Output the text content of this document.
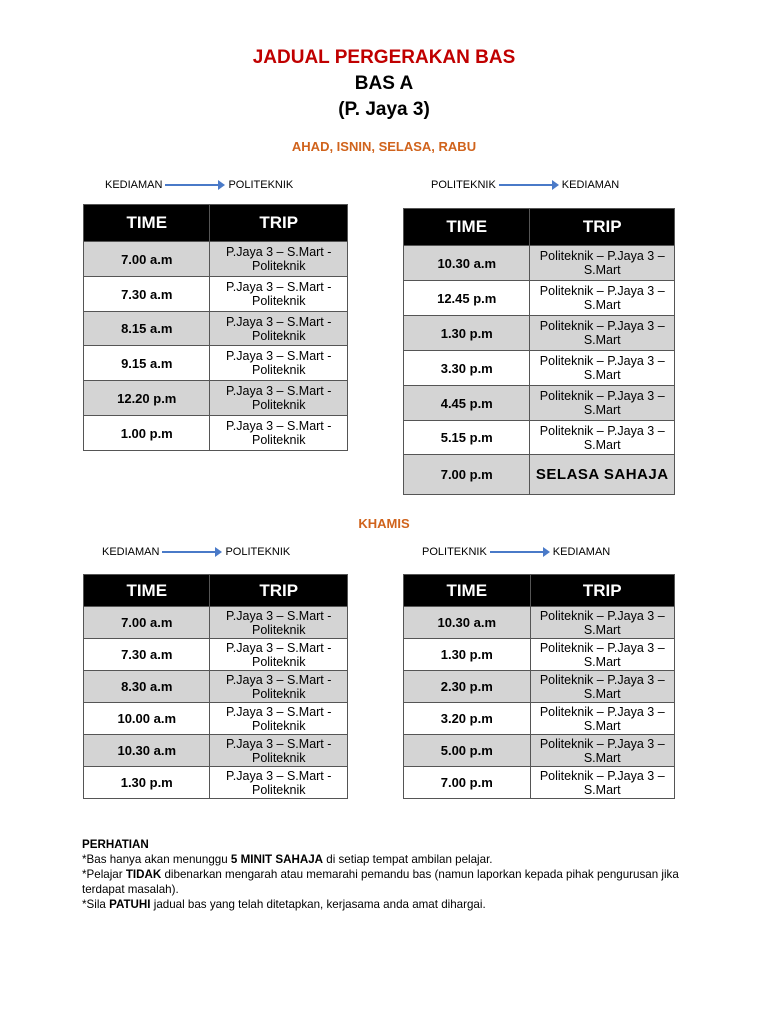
JADUAL PERGERAKAN BAS
BAS A
(P. Jaya 3)
AHAD, ISNIN, SELASA, RABU
KEDIAMAN	POLITEKNIK	POLITEKNIK	KEDIAMAN
TIME	TRIP
7.00 a.m	P.Jaya 3 – S.Mart - Politeknik
7.30 a.m	P.Jaya 3 – S.Mart - Politeknik
8.15 a.m	P.Jaya 3 – S.Mart - Politeknik
9.15 a.m	P.Jaya 3 – S.Mart - Politeknik
12.20 p.m	P.Jaya 3 – S.Mart - Politeknik
1.00 p.m	P.Jaya 3 – S.Mart - Politeknik
TIME	TRIP
10.30 a.m	Politeknik – P.Jaya 3 – S.Mart
12.45 p.m	Politeknik – P.Jaya 3 – S.Mart
1.30 p.m	Politeknik – P.Jaya 3 – S.Mart
3.30 p.m	Politeknik – P.Jaya 3 – S.Mart
4.45 p.m	Politeknik – P.Jaya 3 – S.Mart
5.15 p.m	Politeknik – P.Jaya 3 – S.Mart
7.00 p.m	SELASA SAHAJA
KHAMIS
KEDIAMAN	POLITEKNIK	POLITEKNIK	KEDIAMAN
TIME	TRIP
7.00 a.m	P.Jaya 3 – S.Mart - Politeknik
7.30 a.m	P.Jaya 3 – S.Mart - Politeknik
8.30 a.m	P.Jaya 3 – S.Mart - Politeknik
10.00 a.m	P.Jaya 3 – S.Mart - Politeknik
10.30 a.m	P.Jaya 3 – S.Mart - Politeknik
1.30 p.m	P.Jaya 3 – S.Mart - Politeknik
TIME	TRIP
10.30 a.m	Politeknik – P.Jaya 3 – S.Mart
1.30 p.m	Politeknik – P.Jaya 3 – S.Mart
2.30 p.m	Politeknik – P.Jaya 3 – S.Mart
3.20 p.m	Politeknik – P.Jaya 3 – S.Mart
5.00 p.m	Politeknik – P.Jaya 3 – S.Mart
7.00 p.m	Politeknik – P.Jaya 3 – S.Mart
PERHATIAN
*Bas hanya akan menunggu 5 MINIT SAHAJA di setiap tempat ambilan pelajar.
*Pelajar TIDAK dibenarkan mengarah atau memarahi pemandu bas (namun laporkan kepada pihak pengurusan jika terdapat masalah).
*Sila PATUHI jadual bas yang telah ditetapkan, kerjasama anda amat dihargai.
